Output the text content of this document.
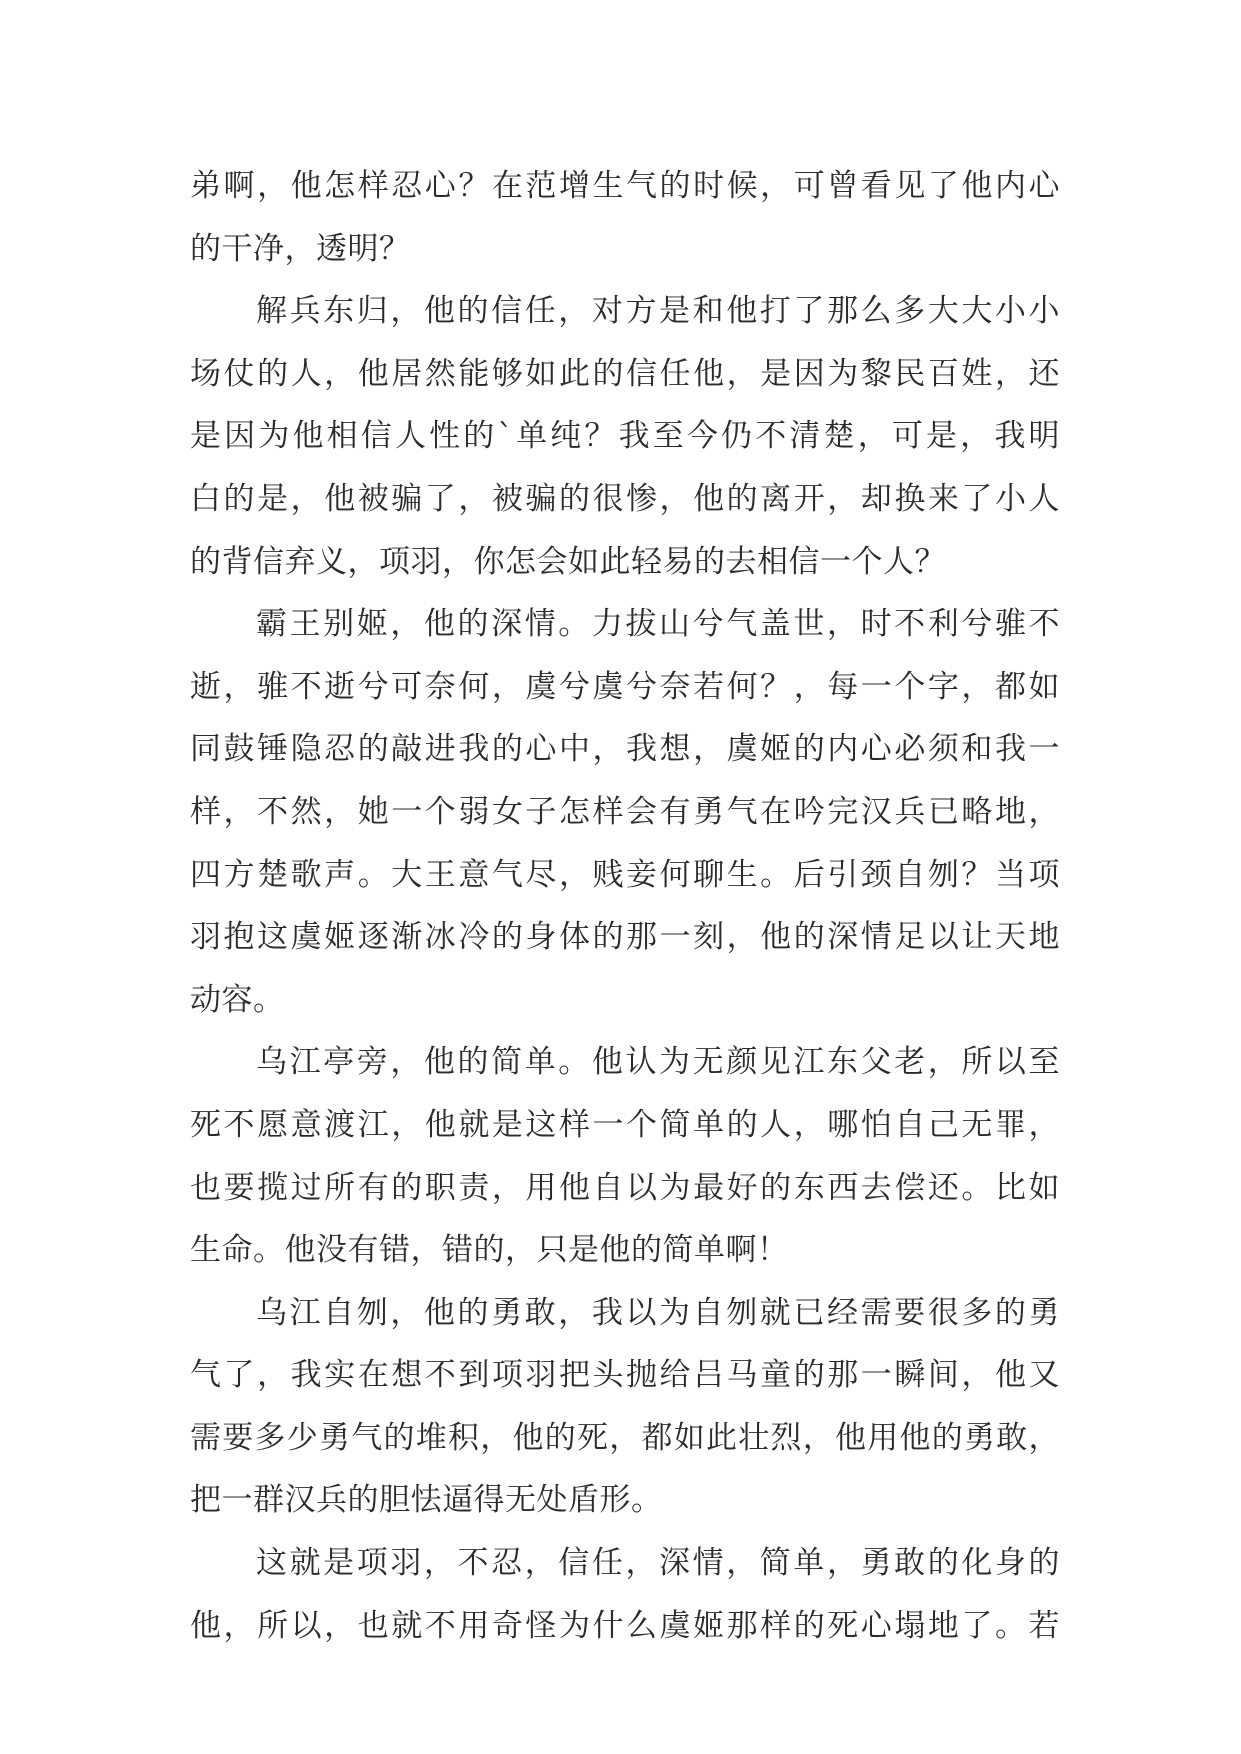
弟啊，他怎样忍心？在范增生气的时候，可曾看见了他内心
的干净，透明？
解兵东归，他的信任，对方是和他打了那么多大大小小
场仗的人，他居然能够如此的信任他，是因为黎民百姓，还
是因为他相信人性的`单纯？我至今仍不清楚，可是，我明
白的是，他被骗了，被骗的很惨，他的离开，却换来了小人
的背信弃义，项羽，你怎会如此轻易的去相信一个人？
霸王别姬，他的深情。力拔山兮气盖世，时不利兮骓不
逝，骓不逝兮可奈何，虞兮虞兮奈若何？，每一个字，都如
同鼓锤隐忍的敲进我的心中，我想，虞姬的内心必须和我一
样，不然，她一个弱女子怎样会有勇气在吟完汉兵已略地，
四方楚歌声。大王意气尽，贱妾何聊生。后引颈自刎？当项
羽抱这虞姬逐渐冰冷的身体的那一刻，他的深情足以让天地
动容。
乌江亭旁，他的简单。他认为无颜见江东父老，所以至
死不愿意渡江，他就是这样一个简单的人，哪怕自己无罪，
也要揽过所有的职责，用他自以为最好的东西去偿还。比如
生命。他没有错，错的，只是他的简单啊！
乌江自刎，他的勇敢，我以为自刎就已经需要很多的勇
气了，我实在想不到项羽把头抛给吕马童的那一瞬间，他又
需要多少勇气的堆积，他的死，都如此壮烈，他用他的勇敢，
把一群汉兵的胆怯逼得无处盾形。
这就是项羽，不忍，信任，深情，简单，勇敢的化身的
他，所以，也就不用奇怪为什么虞姬那样的死心塌地了。若
